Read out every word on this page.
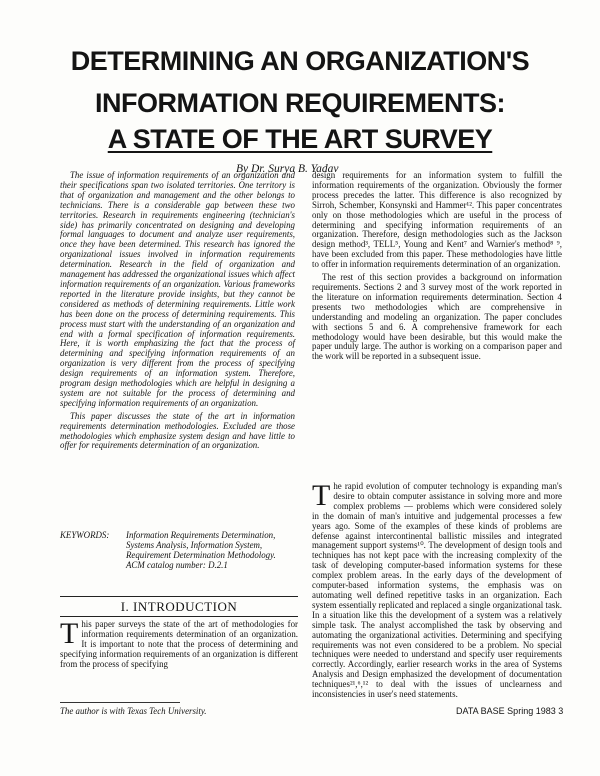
DETERMINING AN ORGANIZATION'S
INFORMATION REQUIREMENTS:
A STATE OF THE ART SURVEY
By Dr. Surya B. Yadav

The issue of information requirements of an organization and their specifications span two isolated territories. One territory is that of organization and management and the other belongs to technicians. There is a considerable gap between these two territories. Research in requirements engineering (technician's side) has primarily concentrated on designing and developing formal languages to document and analyze user requirements, once they have been determined. This research has ignored the organizational issues involved in information requirements determination. Research in the field of organization and management has addressed the organizational issues which affect information requirements of an organization. Various frameworks reported in the literature provide insights, but they cannot be considered as methods of determining requirements. Little work has been done on the process of determining requirements. This process must start with the understanding of an organization and end with a formal specification of information requirements. Here, it is worth emphasizing the fact that the process of determining and specifying information requirements of an organization is very different from the process of specifying design requirements of an information system. Therefore, program design methodologies which are helpful in designing a system are not suitable for the process of determining and specifying information requirements of an organization.

This paper discusses the state of the art in information requirements determination methodologies. Excluded are those methodologies which emphasize system design and have little to offer for requirements determination of an organization.

KEYWORDS: Information Requirements Determination, Systems Analysis, Information System, Requirement Determination Methodology.
ACM catalog number: D.2.1
I. INTRODUCTION

This paper surveys the state of the art of methodologies for information requirements determination of an organization. It is important to note that the process of determining and specifying information requirements of an organization is different from the process of specifying

design requirements for an information system to fulfill the information requirements of the organization. Obviously the former process precedes the latter. This difference is also recognized by Sirroh, Schember, Konsynski and Hammer¹². This paper concentrates only on those methodologies which are useful in the process of determining and specifying information requirements of an organization. Therefore, design methodologies such as the Jackson design method³, TELL⁵, Young and Kent⁷ and Warnier's method⁸ ⁹, have been excluded from this paper. These methodologies have little to offer in information requirements determination of an organization.

The rest of this section provides a background on information requirements. Sections 2 and 3 survey most of the work reported in the literature on information requirements determination. Section 4 presents two methodologies which are comprehensive in understanding and modeling an organization. The paper concludes with sections 5 and 6. A comprehensive framework for each methodology would have been desirable, but this would make the paper unduly large. The author is working on a comparison paper and the work will be reported in a subsequent issue.

The rapid evolution of computer technology is expanding man's desire to obtain computer assistance in solving more and more complex problems — problems which were considered solely in the domain of man's intuitive and judgemental processes a few years ago. Some of the examples of these kinds of problems are defense against intercontinental ballistic missiles and integrated management support systems¹⁰. The development of design tools and techniques has not kept pace with the increasing complexity of the task of developing computer-based information systems for these complex problem areas. In the early days of the development of computer-based information systems, the emphasis was on automating well defined repetitive tasks in an organization. Each system essentially replicated and replaced a single organizational task. In a situation like this the development of a system was a relatively simple task. The analyst accomplished the task by observing and automating the organizational activities. Determining and specifying requirements was not even considered to be a problem. No special techniques were needed to understand and specify user requirements correctly. Accordingly, earlier research works in the area of Systems Analysis and Design emphasized the development of documentation techniques²¹,⁶,¹² to deal with the issues of unclearness and inconsistencies in user's need statements.

The author is with Texas Tech University.	DATA BASE Spring 1983 3
